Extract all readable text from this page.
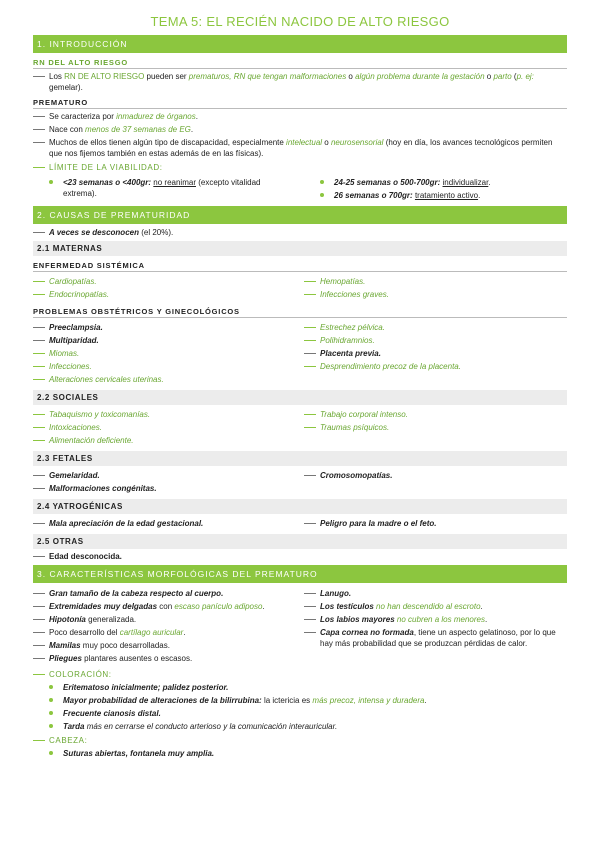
TEMA 5: EL RECIÉN NACIDO DE ALTO RIESGO
1. INTRODUCCIÓN
RN DEL ALTO RIESGO
Los RN DE ALTO RIESGO pueden ser prematuros, RN que tengan malformaciones o algún problema durante la gestación o parto (p. ej: gemelar).
PREMATURO
Se caracteriza por inmadurez de órganos.
Nace con menos de 37 semanas de EG.
Muchos de ellos tienen algún tipo de discapacidad, especialmente intelectual o neurosensorial (hoy en día, los avances tecnológicos permiten que nos fijemos también en estas además de en las físicas).
LÍMITE DE LA VIABILIDAD:
<23 semanas o <400gr: no reanimar (excepto vitalidad extrema).
24-25 semanas o 500-700gr: individualizar.
26 semanas o 700gr: tratamiento activo.
2. CAUSAS DE PREMATURIDAD
A veces se desconocen (el 20%).
2.1 MATERNAS
ENFERMEDAD SISTÉMICA
Cardiopatías.
Endocrinopatías.
Hemopatías.
Infecciones graves.
PROBLEMAS OBSTÉTRICOS Y GINECOLÓGICOS
Preeclampsia.
Multiparidad.
Miomas.
Infecciones.
Alteraciones cervicales uterinas.
Estrechez pélvica.
Polihidramnios.
Placenta previa.
Desprendimiento precoz de la placenta.
2.2 SOCIALES
Tabaquismo y toxicomanías.
Intoxicaciones.
Alimentación deficiente.
Trabajo corporal intenso.
Traumas psíquicos.
2.3 FETALES
Gemelaridad.
Malformaciones congénitas.
Cromosomopatías.
2.4 YATROGÉNICAS
Mala apreciación de la edad gestacional.	Peligro para la madre o el feto.
2.5 OTRAS
Edad desconocida.
3. CARACTERÍSTICAS MORFOLÓGICAS DEL PREMATURO
Gran tamaño de la cabeza respecto al cuerpo.
Extremidades muy delgadas con escaso panículo adiposo.
Hipotonía generalizada.
Poco desarrollo del cartílago auricular.
Mamilas muy poco desarrolladas.
Pliegues plantares ausentes o escasos.
Lanugo.
Los testículos no han descendido al escroto.
Los labios mayores no cubren a los menores.
Capa cornea no formada, tiene un aspecto gelatinoso, por lo que hay más probabilidad que se produzcan pérdidas de calor.
COLORACIÓN:
Eritematoso inicialmente; palidez posterior.
Mayor probabilidad de alteraciones de la bilirrubina: la ictericia es más precoz, intensa y duradera.
Frecuente cianosis distal.
Tarda más en cerrarse el conducto arterioso y la comunicación interauricular.
CABEZA:
Suturas abiertas, fontanela muy amplia.
